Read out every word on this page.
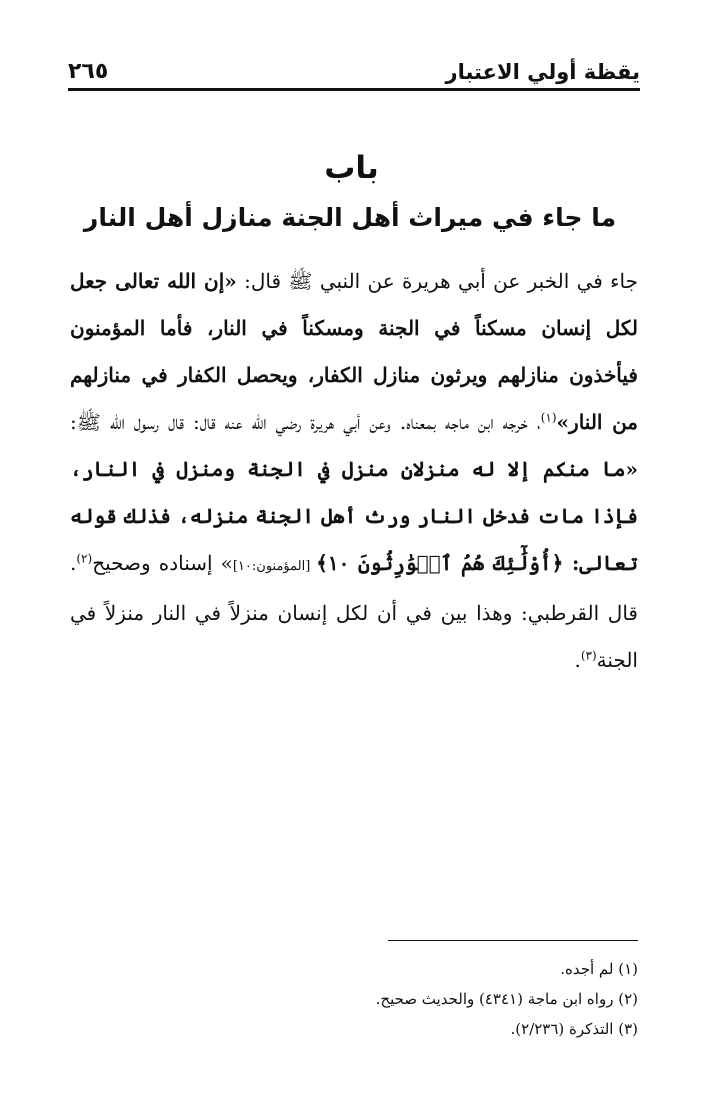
يقظة أولي الاعتبار
٢٦٥
باب
ما جاء في ميراث أهل الجنة منازل أهل النار

جاء في الخبر عن أبي هريرة عن النبي ﷺ قال: «إن الله تعالى جعل لكل إنسان مسكناً في الجنة ومسكناً في النار، فأما المؤمنون فيأخذون منازلهم ويرثون منازل الكفار، ويحصل الكفار في منازلهم من النار»$^{(١)}$، خرجه ابن ماجه بمعناه. وعن أبي هريرة رضي الله عنه قال: قال رسول الله ﷺ: «ما منكم إلا له منزلان منزل في الجنة ومنزل في النار، فإذا مات فدخل النار ورث أهل الجنة منزله، فذلك قوله تعالى: ﴿أُوْلَٰٓئِكَ هُمُ ٱلۡوَٰرِثُونَ ١٠﴾ [المؤمنون:١٠]» إسناده وصحيح$^{(٢)}$. قال القرطبي: وهذا بين في أن لكل إنسان منزلاً في النار منزلاً في الجنة$^{(٣)}$.

(١) لم أجده.
(٢) رواه ابن ماجة (٤٣٤١) والحديث صحيح.
(٣) التذكرة (٢/٢٣٦).
